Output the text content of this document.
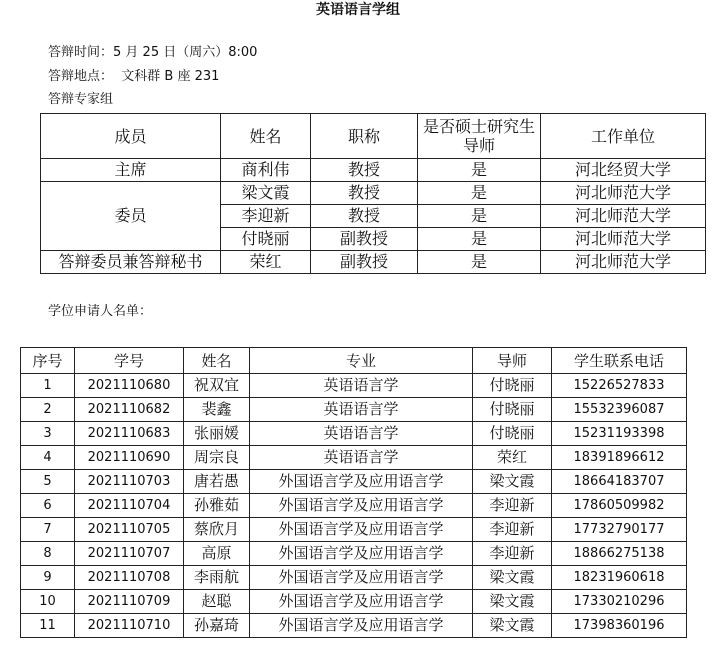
英语语言学组
答辩时间：5 月 25 日（周六）8:00
答辩地点： 文科群 B 座 231
答辩专家组
成员	姓名	职称	是否硕士研究生导师	工作单位
主席	商利伟	教授	是	河北经贸大学
委员	梁文霞	教授	是	河北师范大学
	李迎新	教授	是	河北师范大学
	付晓丽	副教授	是	河北师范大学
答辩委员兼答辩秘书	荣红	副教授	是	河北师范大学
学位申请人名单：
序号	学号	姓名	专业	导师	学生联系电话
1	2021110680	祝双宜	英语语言学	付晓丽	15226527833
2	2021110682	裴鑫	英语语言学	付晓丽	15532396087
3	2021110683	张丽媛	英语语言学	付晓丽	15231193398
4	2021110690	周宗良	英语语言学	荣红	18391896612
5	2021110703	唐若愚	外国语言学及应用语言学	梁文霞	18664183707
6	2021110704	孙雅茹	外国语言学及应用语言学	李迎新	17860509982
7	2021110705	蔡欣月	外国语言学及应用语言学	李迎新	17732790177
8	2021110707	高原	外国语言学及应用语言学	李迎新	18866275138
9	2021110708	李雨航	外国语言学及应用语言学	梁文霞	18231960618
10	2021110709	赵聪	外国语言学及应用语言学	梁文霞	17330210296
11	2021110710	孙嘉琦	外国语言学及应用语言学	梁文霞	17398360196
